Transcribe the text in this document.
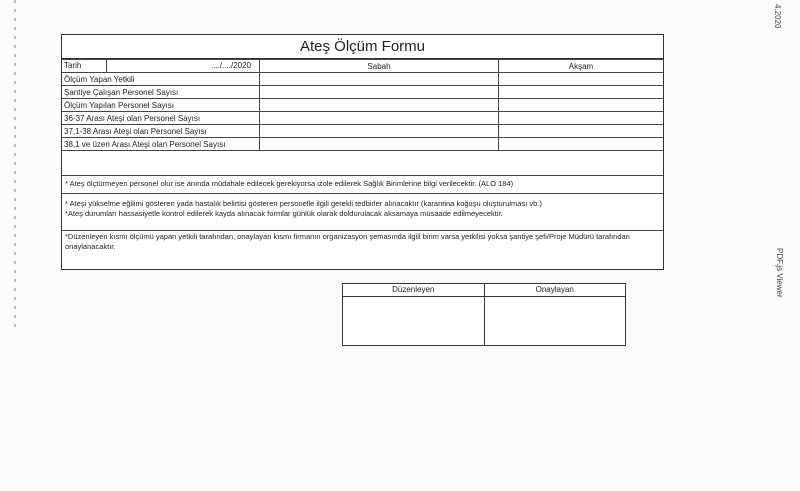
4.2020
PDF.js Viewer
Ateş Ölçüm Formu
Tarih ..../..../2020	Sabah	Akşam
Ölçüm Yapan Yetkili		
Şantiye Çalışan Personel Sayısı		
Ölçüm Yapılan Personel Sayısı		
36-37 Arası Ateşi olan Personel Sayısı		
37,1-38 Arası Ateşi olan Personel Sayısı		
38,1 ve üzeri Arası Ateşi olan Personel Sayısı		
* Ateş ölçtürmeyen personel olur ise anında müdahale edilecek gerekiyorsa izole edilerek Sağlık Birimlerine bilgi verilecektir. (ALO 184)
* Ateşi yükselme eğilimi gösteren yada hastalık belirtisi gösteren personelle ilgili gerekli tedbirler alınacaktır (karantina koğuşu oluşturulması vb.)
*Ateş durumları hassasiyetle kontrol edilerek kayda alınacak formlar günlük olarak doldurulacak aksamaya müsaade edilmeyecektir.
*Düzenleyen kısmı ölçümü yapan yetkili tarafından, onaylayan kısmı firmanın organizasyon şemasında ilgili birim varsa yetkilisi yoksa şantiye şefi/Proje Müdürü tarafından onaylanacaktır.
Düzenleyen	Onaylayan
